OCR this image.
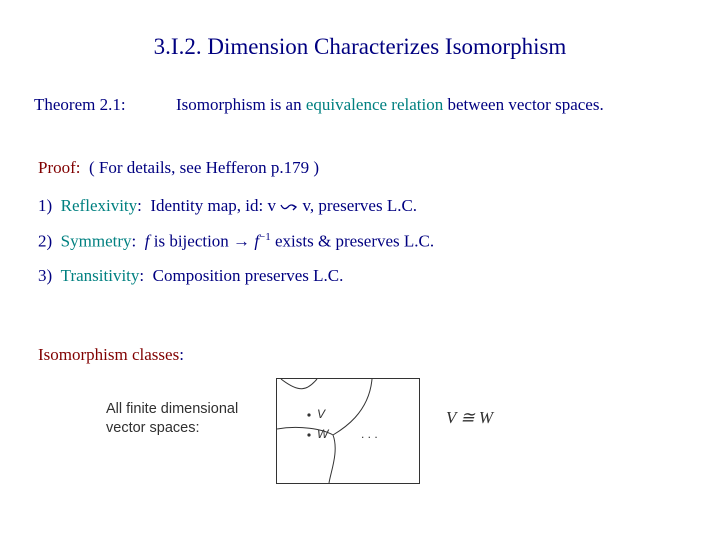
3.I.2. Dimension Characterizes Isomorphism
Theorem 2.1:	Isomorphism is an equivalence relation between vector spaces.
Proof: ( For details, see Hefferon p.179 )
1) Reflexivity: Identity map, id: v  v, preserves L.C.
2) Symmetry: f is bijection → $f^{-1}$ exists & preserves L.C.
3) Transitivity: Composition preserves L.C.
Isomorphism classes:
All finite dimensional vector spaces:
V
W	. . .
V ≅ W
